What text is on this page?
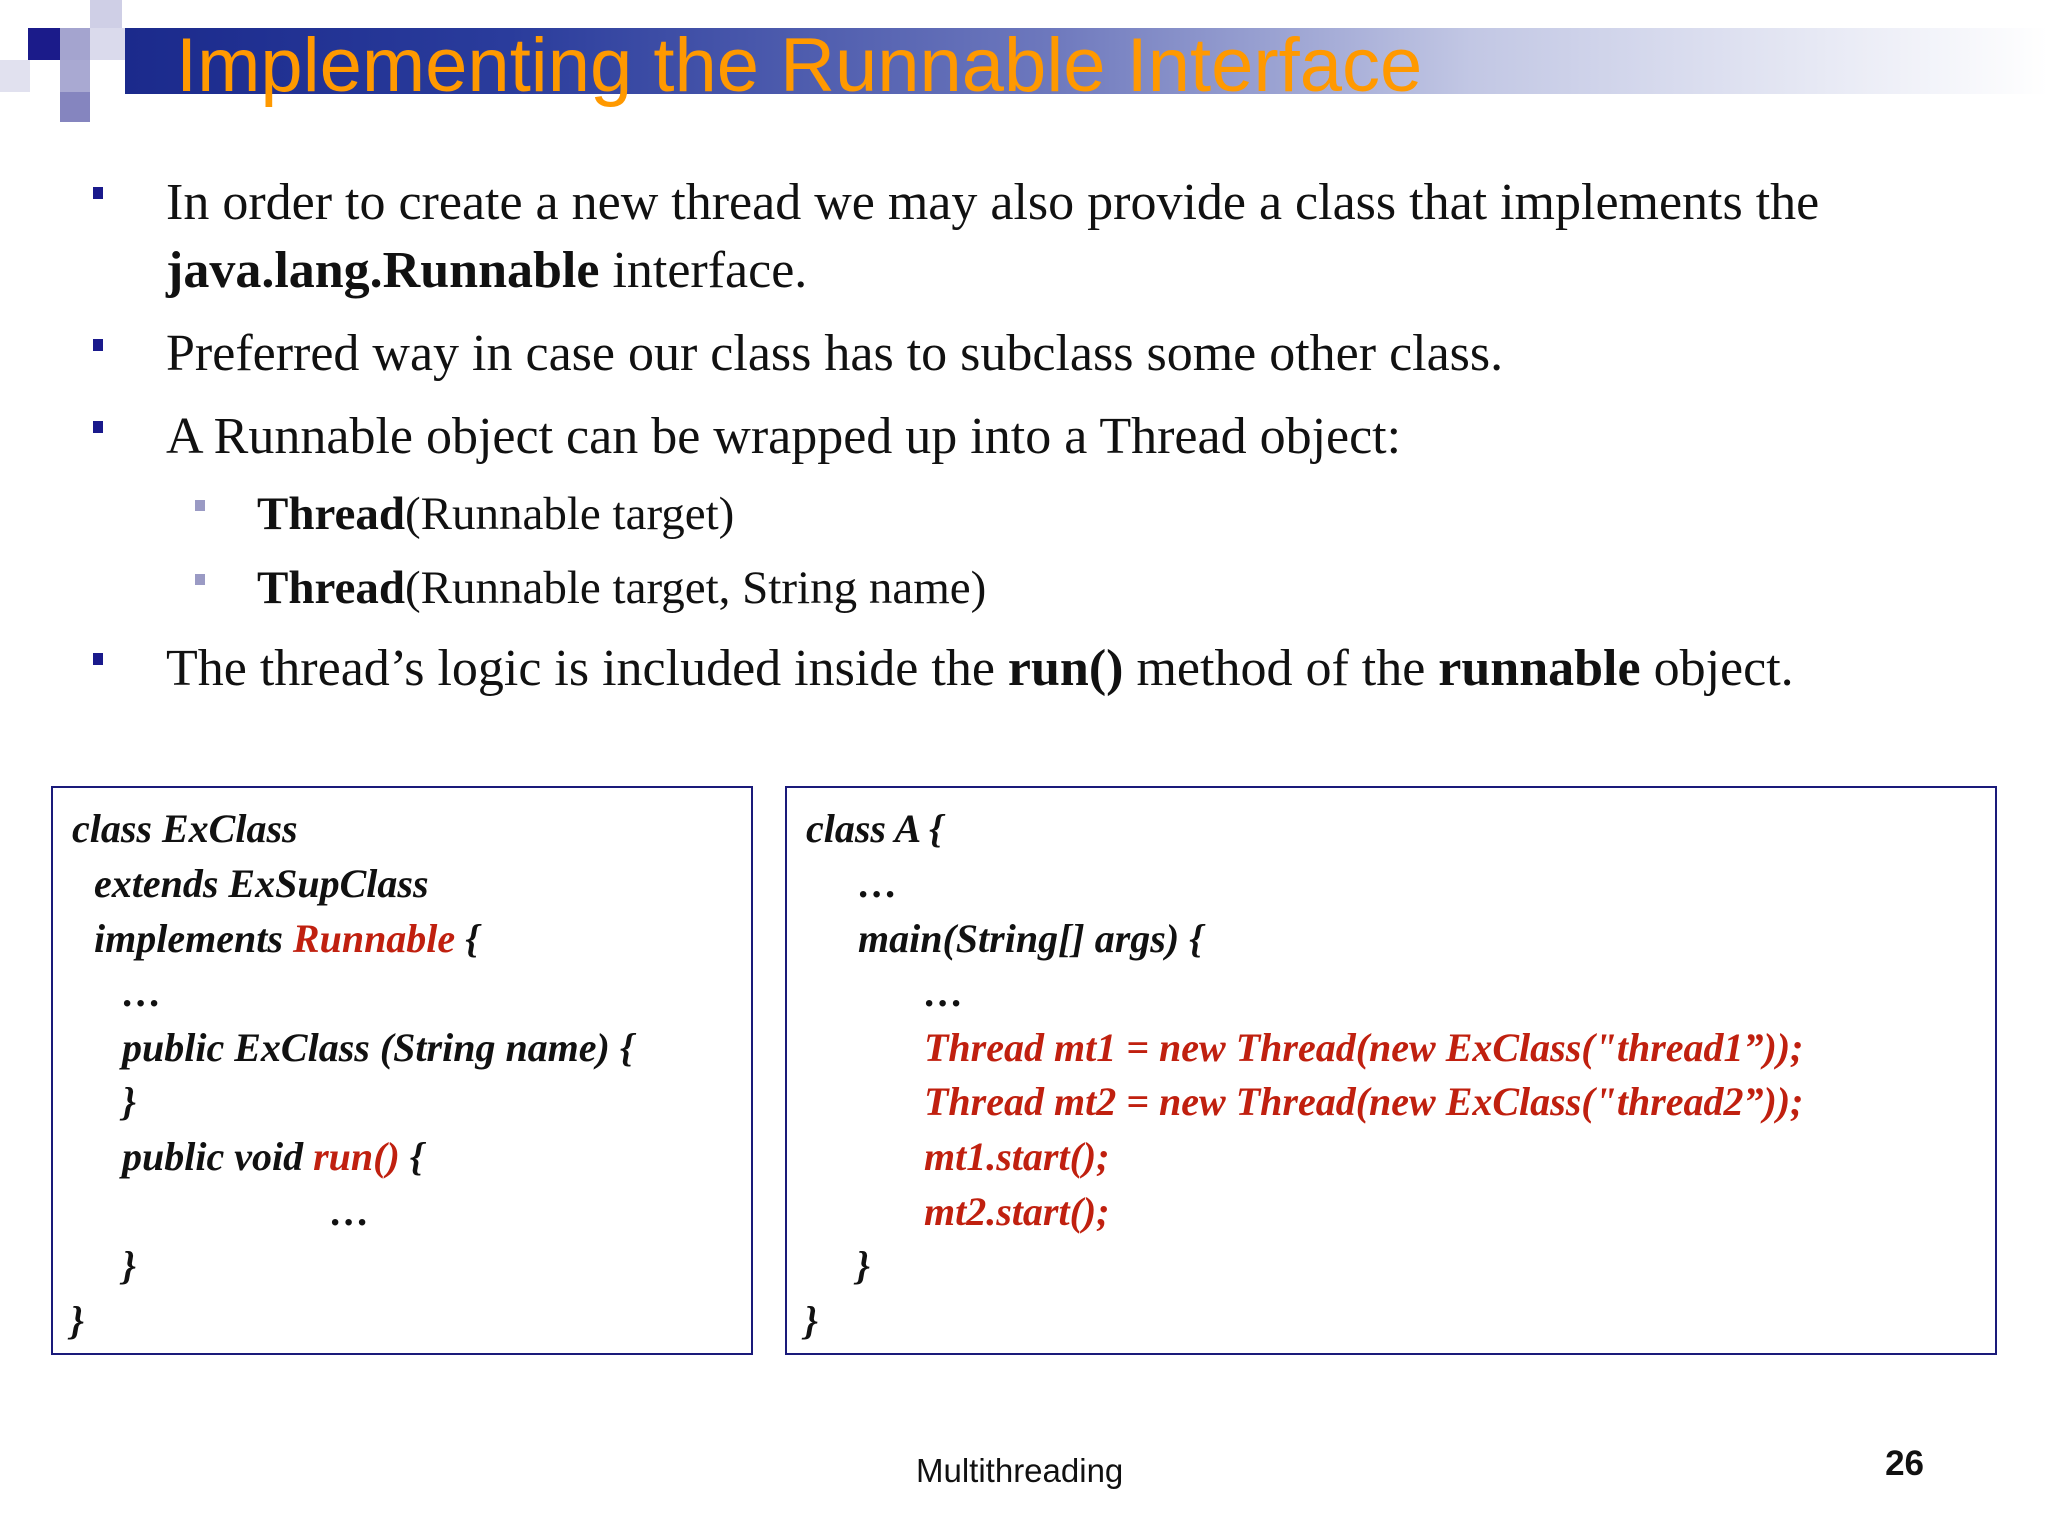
Implementing the Runnable Interface

In order to create a new thread we may also provide a class that implements the java.lang.Runnable interface.

Preferred way in case our class has to subclass some other class.

A Runnable object can be wrapped up into a Thread object:

Thread(Runnable target)

Thread(Runnable target, String name)

The thread’s logic is included inside the run() method of the runnable object.

class ExClass
extends ExSupClass
implements Runnable {
…
public ExClass (String name) {
}
public void run() {
…
}
}
class A {
…
main(String[] args) {
…
Thread mt1 = new Thread(new ExClass("thread1”));
Thread mt2 = new Thread(new ExClass("thread2”));
mt1.start();
mt2.start();
}
}

Multithreading	26
